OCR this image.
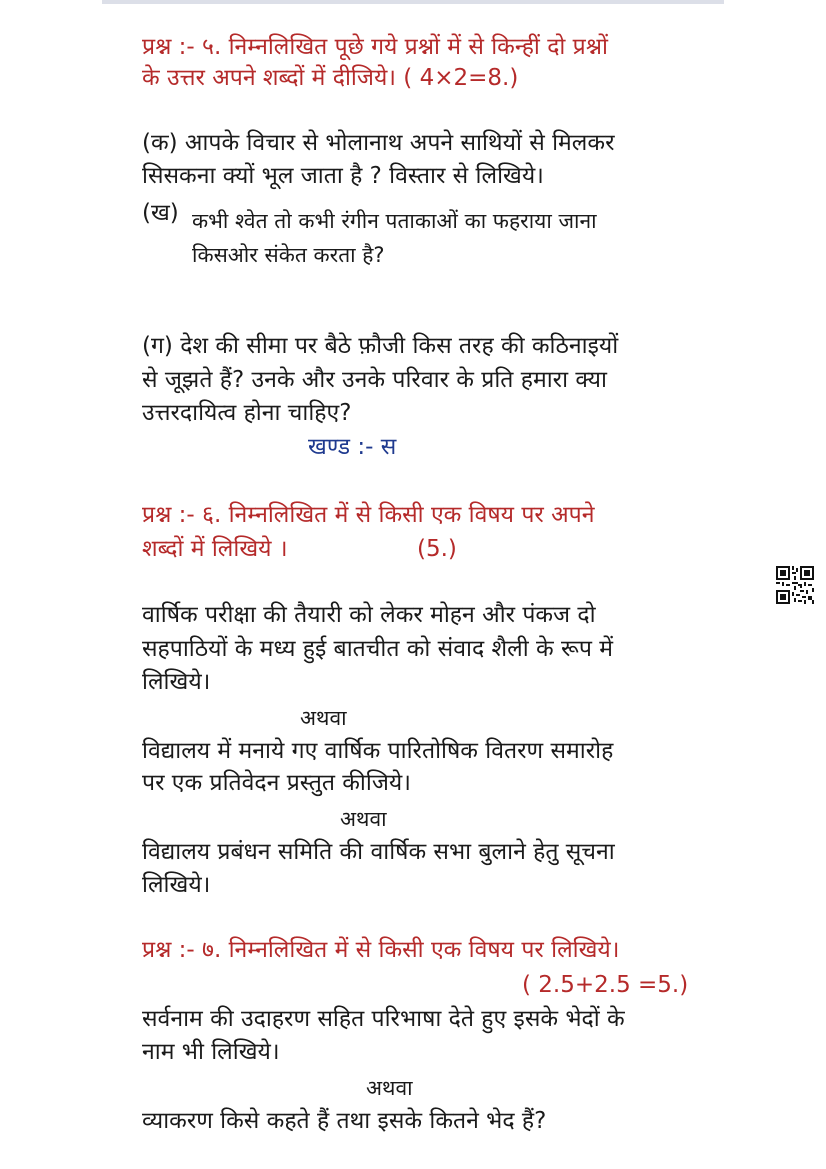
प्रश्न :- ५. निम्नलिखित पूछे गये प्रश्नों में से किन्हीं दो प्रश्नों
के उत्तर अपने शब्दों में दीजिये। ( 4×2=8.)
(क) आपके विचार से भोलानाथ अपने साथियों से मिलकर
सिसकना क्यों भूल जाता है ? विस्तार से लिखिये।
(ख) कभी श्वेत तो कभी रंगीन पताकाओं का फहराया जाना
किसओर संकेत करता है?
(ग) देश की सीमा पर बैठे फ़ौजी किस तरह की कठिनाइयों
से जूझते हैं? उनके और उनके परिवार के प्रति हमारा क्या
उत्तरदायित्व होना चाहिए?
खण्ड :- स
प्रश्न :- ६. निम्नलिखित में से किसी एक विषय पर अपने
शब्दों में लिखिये ।	(5.)
वार्षिक परीक्षा की तैयारी को लेकर मोहन और पंकज दो
सहपाठियों के मध्य हुई बातचीत को संवाद शैली के रूप में
लिखिये।
अथवा
विद्यालय में मनाये गए वार्षिक पारितोषिक वितरण समारोह
पर एक प्रतिवेदन प्रस्तुत कीजिये।
अथवा
विद्यालय प्रबंधन समिति की वार्षिक सभा बुलाने हेतु सूचना
लिखिये।
प्रश्न :- ७. निम्नलिखित में से किसी एक विषय पर लिखिये।
( 2.5+2.5 =5.)
सर्वनाम की उदाहरण सहित परिभाषा देते हुए इसके भेदों के
नाम भी लिखिये।
अथवा
व्याकरण किसे कहते हैं तथा इसके कितने भेद हैं?
